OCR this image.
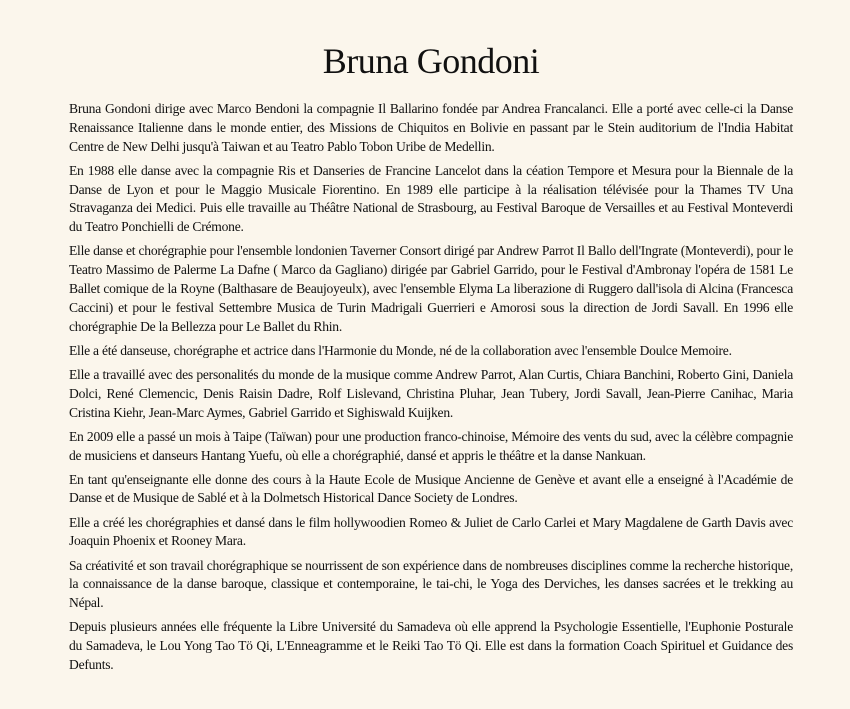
Bruna Gondoni

Bruna Gondoni dirige avec Marco Bendoni la compagnie Il Ballarino fondée par Andrea Francalanci. Elle a porté avec celle-ci la Danse Renaissance Italienne dans le monde entier, des Missions de Chiquitos en Bolivie en passant par le Stein auditorium de l'India Habitat Centre de New Delhi jusqu'à Taiwan et au Teatro Pablo Tobon Uribe de Medellin.

En 1988 elle danse avec la compagnie Ris et Danseries de Francine Lancelot dans la céation Tempore et Mesura pour la Biennale de la Danse de Lyon et pour le Maggio Musicale Fiorentino. En 1989 elle participe à la réalisation télévisée pour la Thames TV Una Stravaganza dei Medici. Puis elle travaille au Théâtre National de Strasbourg, au Festival Baroque de Versailles et au Festival Monteverdi du Teatro Ponchielli de Crémone.

Elle danse et chorégraphie pour l'ensemble londonien Taverner Consort dirigé par Andrew Parrot Il Ballo dell'Ingrate (Monteverdi), pour le Teatro Massimo de Palerme La Dafne ( Marco da Gagliano) dirigée par Gabriel Garrido, pour le Festival d'Ambronay l'opéra de 1581 Le Ballet comique de la Royne (Balthasare de Beaujoyeulx), avec l'ensemble Elyma La liberazione di Ruggero dall'isola di Alcina (Francesca Caccini) et pour le festival Settembre Musica de Turin Madrigali Guerrieri e Amorosi sous la direction de Jordi Savall. En 1996 elle chorégraphie De la Bellezza pour Le Ballet du Rhin.

Elle a été danseuse, chorégraphe et actrice dans l'Harmonie du Monde, né de la collaboration avec l'ensemble Doulce Memoire.

Elle a travaillé avec des personalités du monde de la musique comme Andrew Parrot, Alan Curtis, Chiara Banchini, Roberto Gini, Daniela Dolci, René Clemencic, Denis Raisin Dadre, Rolf Lislevand, Christina Pluhar, Jean Tubery, Jordi Savall, Jean-Pierre Canihac, Maria Cristina Kiehr, Jean-Marc Aymes, Gabriel Garrido et Sighiswald Kuijken.

En 2009 elle a passé un mois à Taipe (Taïwan) pour une production franco-chinoise, Mémoire des vents du sud, avec la célèbre compagnie de musiciens et danseurs Hantang Yuefu, où elle a chorégraphié, dansé et appris le théâtre et la danse Nankuan.

En tant qu'enseignante elle donne des cours à la Haute Ecole de Musique Ancienne de Genève et avant elle a enseigné à l'Académie de Danse et de Musique de Sablé et à la Dolmetsch Historical Dance Society de Londres.

Elle a créé les chorégraphies et dansé dans le film hollywoodien Romeo & Juliet de Carlo Carlei et Mary Magdalene de Garth Davis avec Joaquin Phoenix et Rooney Mara.

Sa créativité et son travail chorégraphique se nourrissent de son expérience dans de nombreuses disciplines comme la recherche historique, la connaissance de la danse baroque, classique et contemporaine, le tai-chi, le Yoga des Derviches, les danses sacrées et le trekking au Népal.

Depuis plusieurs années elle fréquente la Libre Université du Samadeva où elle apprend la Psychologie Essentielle, l'Euphonie Posturale du Samadeva, le Lou Yong Tao Tö Qi, L'Enneagramme et le Reiki Tao Tö Qi. Elle est dans la formation Coach Spirituel et Guidance des Defunts.
